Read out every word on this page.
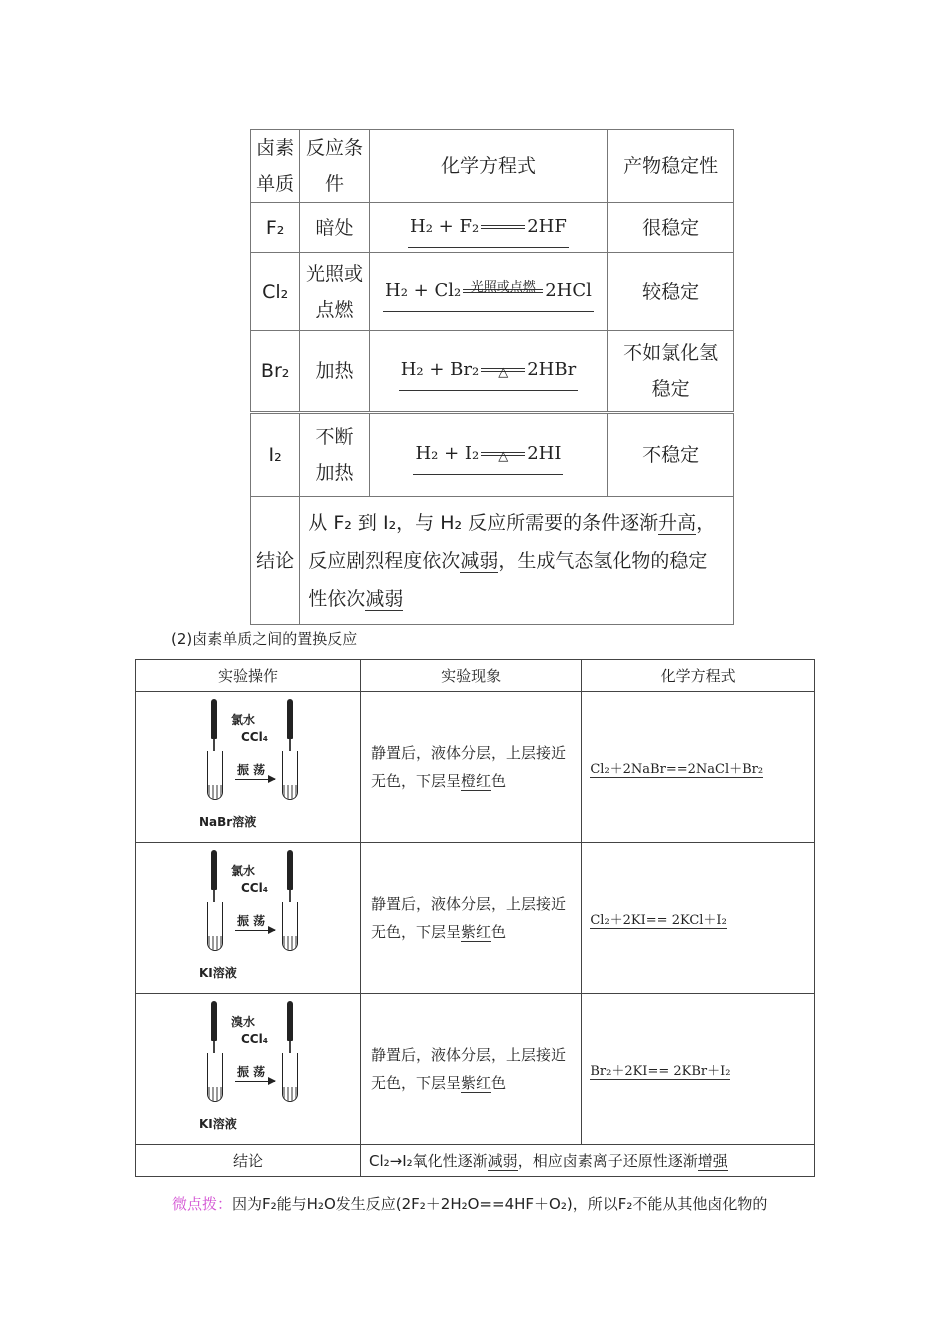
卤素单质	反应条件	化学方程式	产物稳定性
F₂	暗处	H₂ + F₂ 2HF	很稳定
Cl₂	光照或点燃	H₂ + Cl₂ 光照或点燃 2HCl	较稳定
Br₂	加热	H₂ + Br₂ △ 2HBr	不如氯化氢稳定
I₂	不断加热	H₂ + I₂ △ 2HI	不稳定
结论	从 F₂ 到 I₂，与 H₂ 反应所需要的条件逐渐升高，反应剧烈程度依次减弱，生成气态氢化物的稳定性依次减弱		
(2)卤素单质之间的置换反应
实验操作	实验现象	化学方程式

氯水
CCl₄
振 荡
NaBr溶液	静置后，液体分层，上层接近无色，下层呈橙红色	Cl₂＋2NaBr==2NaCl＋Br₂

氯水
CCl₄
振 荡
KI溶液	静置后，液体分层，上层接近无色，下层呈紫红色	Cl₂＋2KI== 2KCl＋I₂

溴水
CCl₄
振 荡
KI溶液	静置后，液体分层，上层接近无色，下层呈紫红色	Br₂＋2KI== 2KBr＋I₂
结论	Cl₂→I₂氧化性逐渐减弱，相应卤素离子还原性逐渐增强	
微点拨：因为F₂能与H₂O发生反应(2F₂＋2H₂O==4HF＋O₂)，所以F₂不能从其他卤化物的
